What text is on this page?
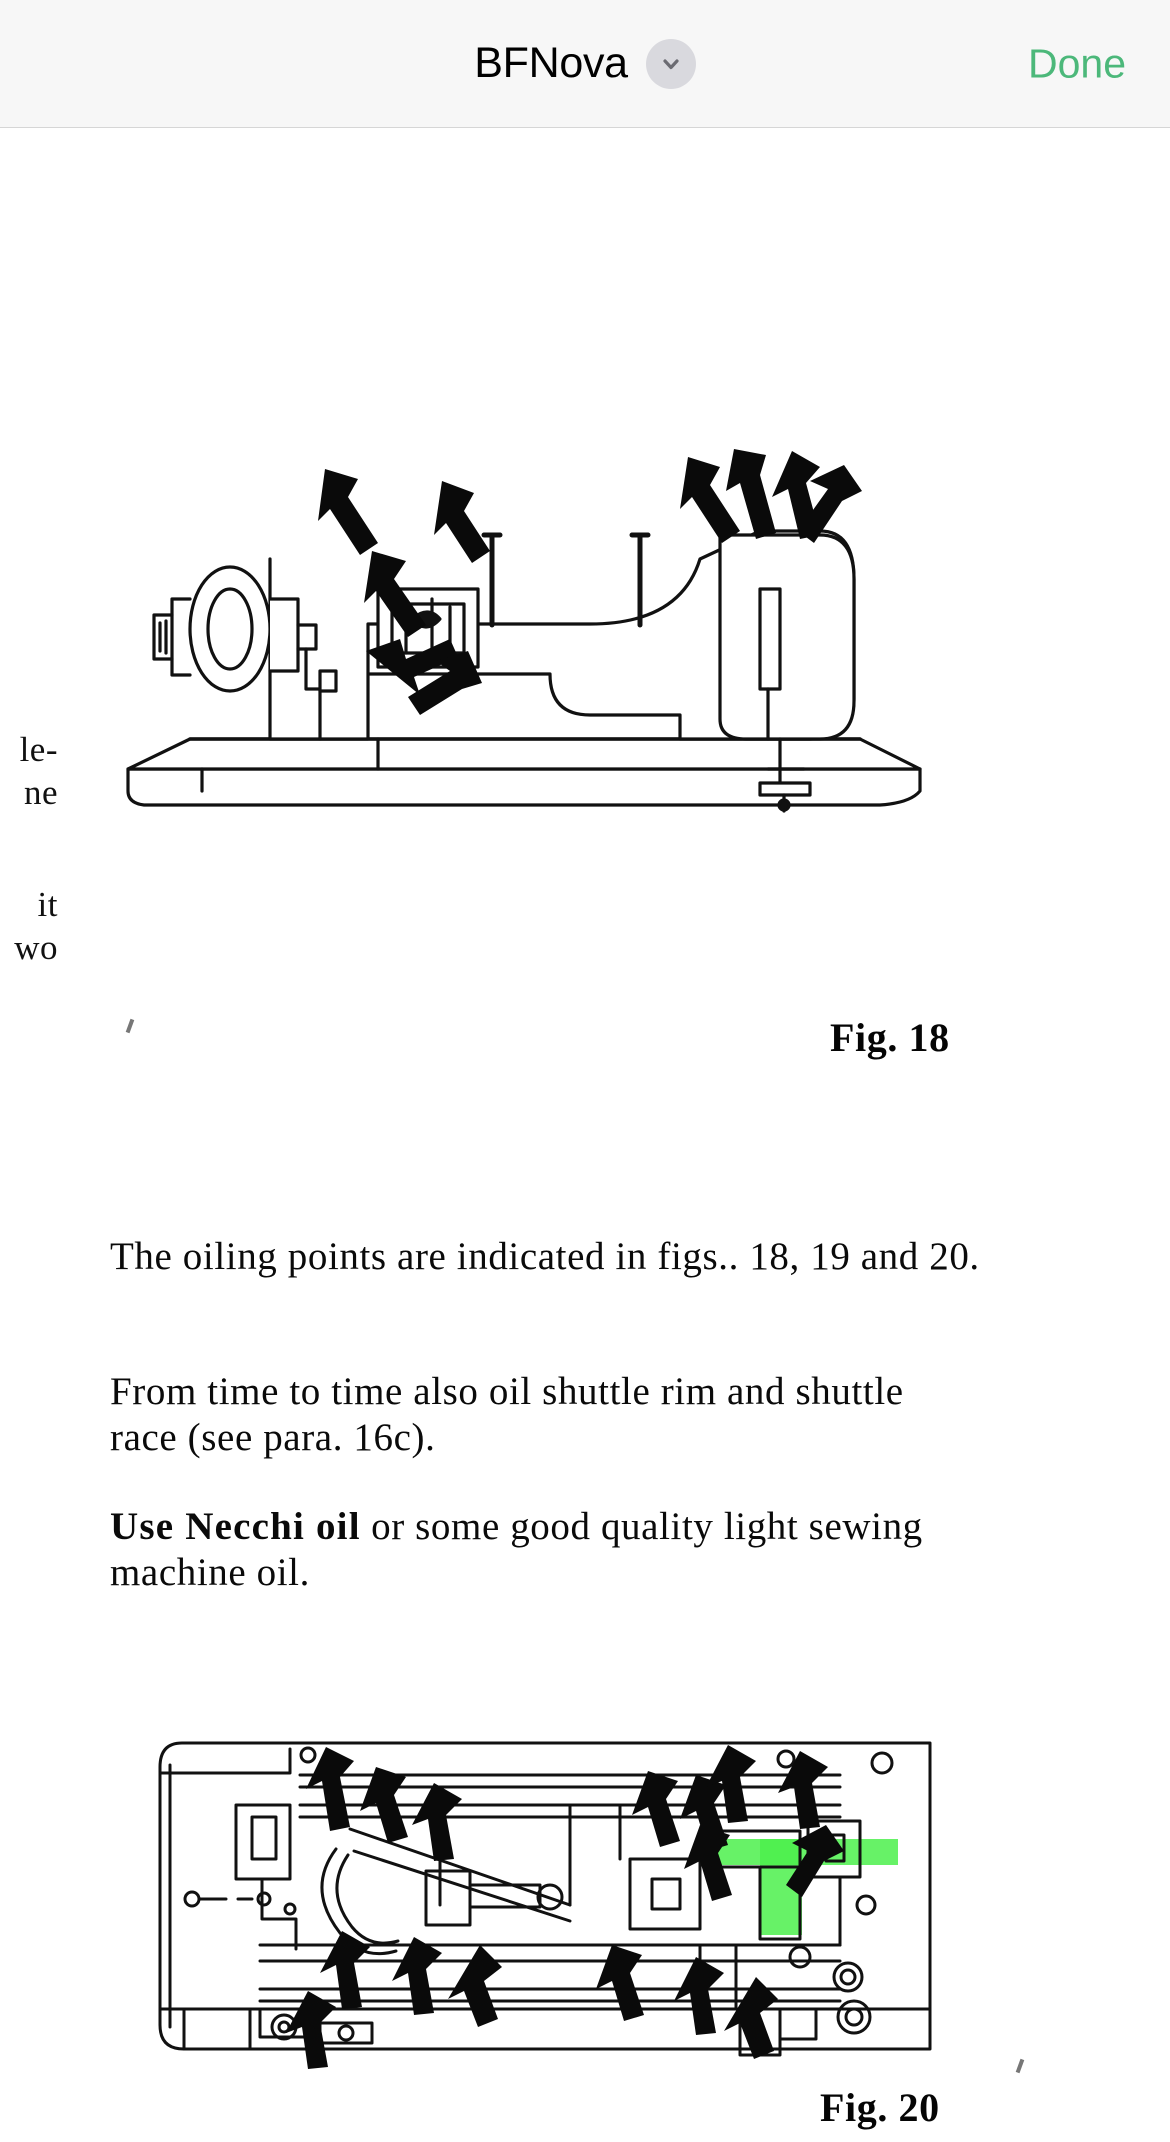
BFNova	Done
le-
ne
it
wo
Fig. 18
The oiling points are indicated in figs.. 18, 19 and 20.
From time to time also oil shuttle rim and shuttle race (see para. 16c).
Use Necchi oil or some good quality light sewing machine oil.
Fig. 20
